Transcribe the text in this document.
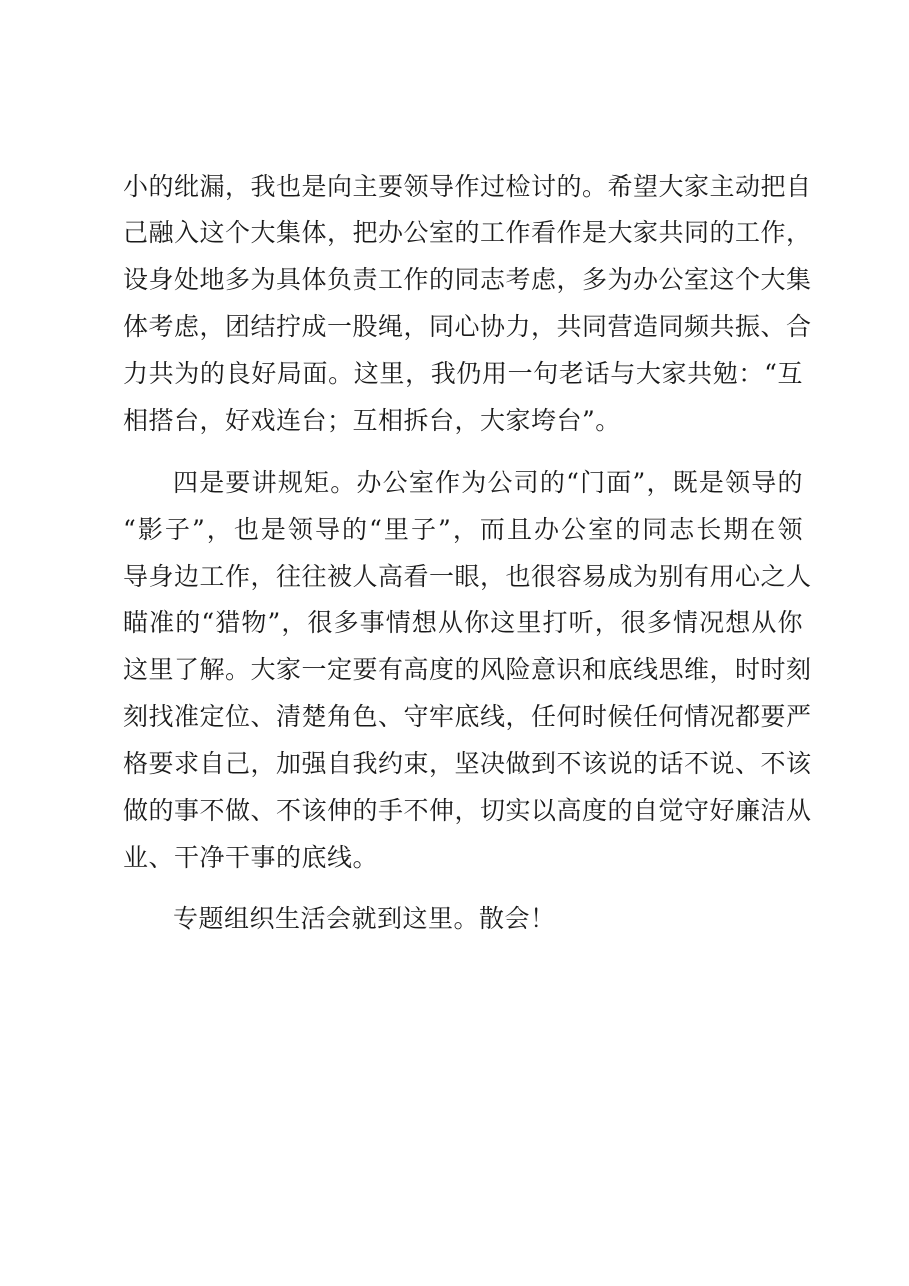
小的纰漏，我也是向主要领导作过检讨的。希望大家主动把自
己融入这个大集体，把办公室的工作看作是大家共同的工作，
设身处地多为具体负责工作的同志考虑，多为办公室这个大集
体考虑，团结拧成一股绳，同心协力，共同营造同频共振、合
力共为的良好局面。这里，我仍用一句老话与大家共勉：“互
相搭台，好戏连台；互相拆台，大家垮台”。
四是要讲规矩。办公室作为公司的“门面”，既是领导的
“影子”，也是领导的“里子”，而且办公室的同志长期在领
导身边工作，往往被人高看一眼，也很容易成为别有用心之人
瞄准的“猎物”，很多事情想从你这里打听，很多情况想从你
这里了解。大家一定要有高度的风险意识和底线思维，时时刻
刻找准定位、清楚角色、守牢底线，任何时候任何情况都要严
格要求自己，加强自我约束，坚决做到不该说的话不说、不该
做的事不做、不该伸的手不伸，切实以高度的自觉守好廉洁从
业、干净干事的底线。
专题组织生活会就到这里。散会！
